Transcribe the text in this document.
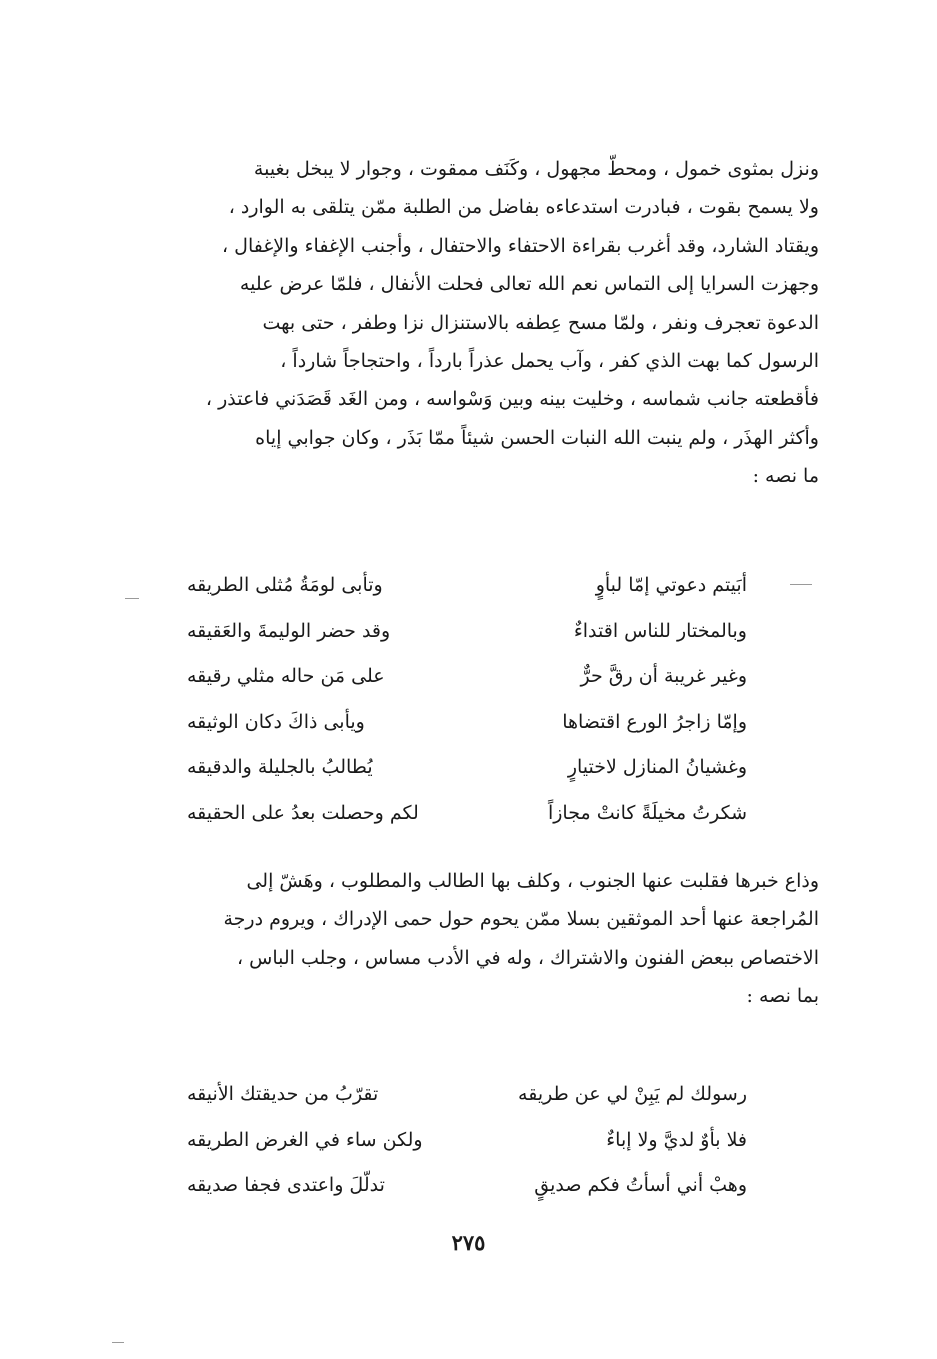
ونزل بمثوى خمول ، ومحطّ مجهول ، وكَنَف ممقوت ، وجوار لا يبخل بغيبة

ولا يسمح بقوت ، فبادرت استدعاءه بفاضل من الطلبة ممّن يتلقى به الوارد ،

ويقتاد الشارد، وقد أغرب بقراءة الاحتفاء والاحتفال ، وأجنب الإغفاء والإغفال ،

وجهزت السرايا إلى التماس نعم الله تعالى فحلت الأنفال ، فلمّا عرض عليه

الدعوة تعجرف ونفر ، ولمّا مسح عِطفه بالاستنزال نزا وطفر ، حتى بهت

الرسول كما بهت الذي كفر ، وآب يحمل عذراً بارداً ، واحتجاجاً شارداً ،

فأقطعته جانب شماسه ، وخليت بينه وبين وَسْواسه ، ومن الغَد قَصَدَني فاعتذر ،

وأكثر الهذَر ، ولم ينبت الله النبات الحسن شيئاً ممّا بَذَر ، وكان جوابي إياه

ما نصه :

أبَيتم دعوتي إمّا لبأوٍ
وتأبى لومَةُ مُثلى الطريقه
وبالمختار للناس اقتداءٌ
وقد حضر الوليمةَ والعَقيقه
وغير غريبة أن رقَّ حرٌّ
على مَن حاله مثلي رقيقه
وإمّا زاجرُ الورع اقتضاها
ويأبى ذاكَ دكان الوثيقه
وغشيانُ المنازل لاختيارٍ
يُطالبُ بالجليلة والدقيقه
شكرتُ مخيلَةً كانتْ مجازاً
لكم وحصلت بعدُ على الحقيقه

وذاع خبرها فقلبت عنها الجنوب ، وكلف بها الطالب والمطلوب ، وهَشّ إلى

المُراجعة عنها أحد الموثقين بسلا ممّن يحوم حول حمى الإدراك ، ويروم درجة

الاختصاص ببعض الفنون والاشتراك ، وله في الأدب مساس ، وجلب الباس ،

بما نصه :

رسولك لم يَبِنْ لي عن طريقه
تقرّبُ من حديقتك الأنيقه
فلا بأوٌ لديَّ ولا إباءٌ
ولكن ساء في الغرض الطريقه
وهبْ أني أسأتُ فكم صديقٍ
تدلّلَ واعتدى فجفا صديقه
٢٧٥
